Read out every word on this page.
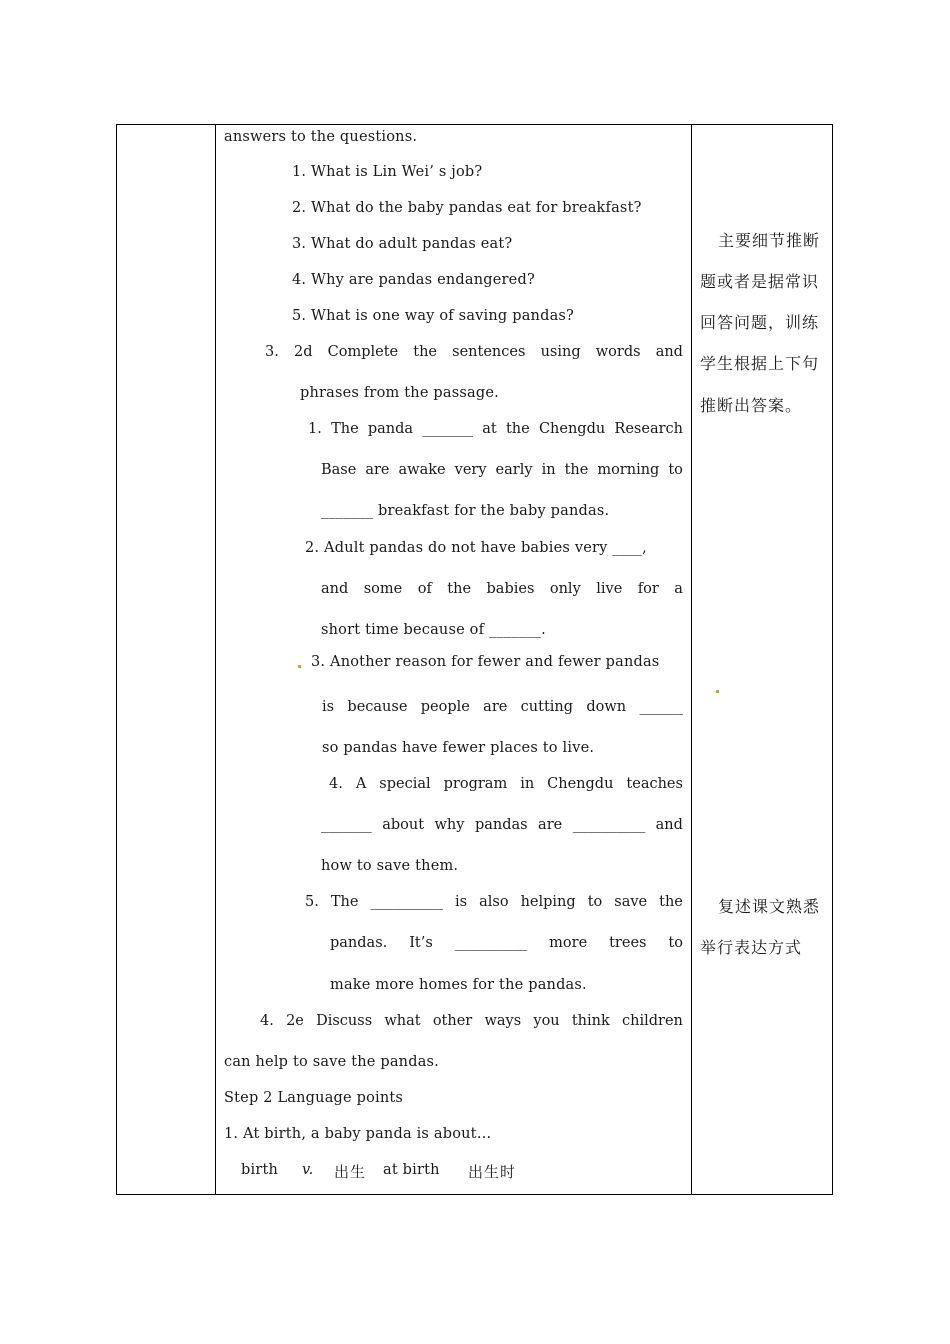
answers to the questions.
1. What is Lin Wei’ s job?
2. What do the baby pandas eat for breakfast?
3. What do adult pandas eat?
4. Why are pandas endangered?
5. What is one way of saving pandas?
3. 2d Complete the sentences using words and
phrases from the passage.
1. The panda _______ at the Chengdu Research
Base are awake very early in the morning to
_______ breakfast for the baby pandas.
2. Adult pandas do not have babies very ____,
and some of the babies only live for a
short time because of _______.
3. Another reason for fewer and fewer pandas
is because people are cutting down ______
so pandas have fewer places to live.
4. A special program in Chengdu teaches
_______ about why pandas are __________ and
how to save them.
5. The __________ is also helping to save the
pandas. It’s __________ more trees to
make more homes for the pandas.
4. 2e Discuss what other ways you think children
can help to save the pandas.
Step 2 Language points
1. At birth, a baby panda is about…
birth v. 出生 at birth 出生时
主要细节推断
题或者是据常识
回答问题，训练
学生根据上下句
推断出答案。
复述课文熟悉
举行表达方式
